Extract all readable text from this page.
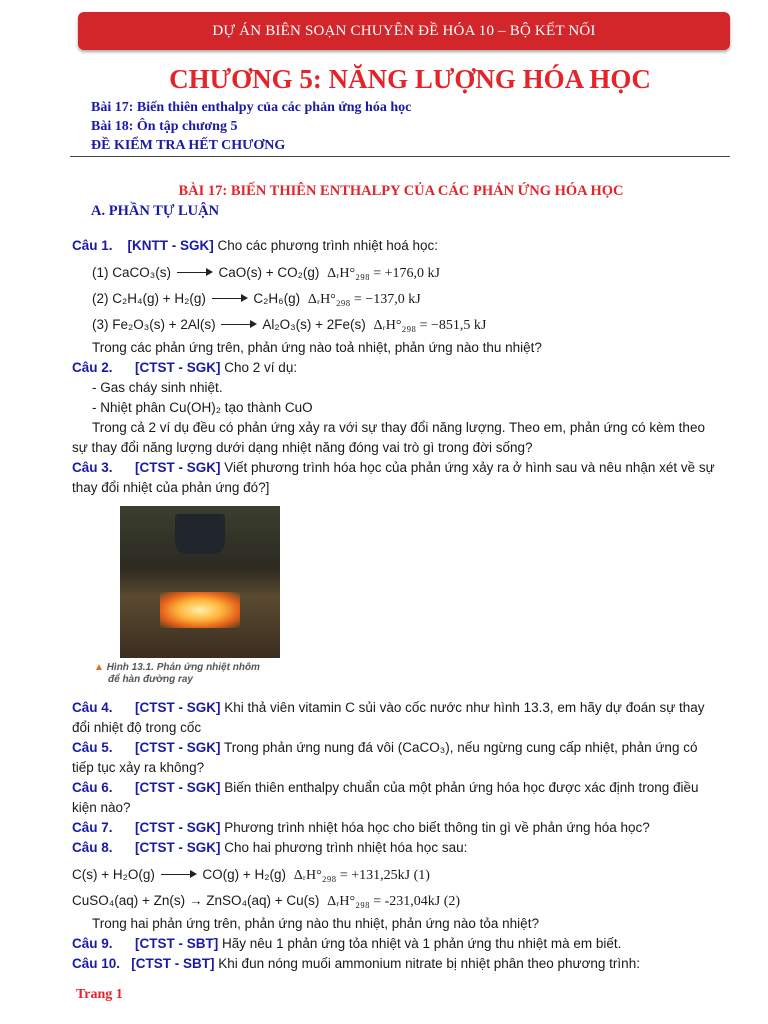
DỰ ÁN BIÊN SOẠN CHUYÊN ĐỀ HÓA 10 – BỘ KẾT NỐI
CHƯƠNG 5: NĂNG LƯỢNG HÓA HỌC
Bài 17: Biến thiên enthalpy của các phản ứng hóa học
Bài 18: Ôn tập chương 5
ĐỀ KIỂM TRA HẾT CHƯƠNG
BÀI 17: BIẾN THIÊN ENTHALPY CỦA CÁC PHẢN ỨNG HÓA HỌC
A. PHẦN TỰ LUẬN
Câu 1. [KNTT - SGK] Cho các phương trình nhiệt hoá học:
(1) CaCO₃(s)	CaO(s) + CO₂(g) ΔᵣH°₂₉₈ = +176,0 kJ
(2) C₂H₄(g) + H₂(g)	C₂H₆(g) ΔᵣH°₂₉₈ = −137,0 kJ
(3) Fe₂O₃(s) + 2Al(s)	Al₂O₃(s) + 2Fe(s) ΔᵣH°₂₉₈ = −851,5 kJ
Trong các phản ứng trên, phản ứng nào toả nhiệt, phản ứng nào thu nhiệt?
Câu 2. [CTST - SGK] Cho 2 ví dụ:
- Gas cháy sinh nhiệt.
- Nhiệt phân Cu(OH)₂ tạo thành CuO
Trong cả 2 ví dụ đều có phản ứng xảy ra với sự thay đổi năng lượng. Theo em, phản ứng có kèm theo
sự thay đổi năng lượng dưới dạng nhiệt năng đóng vai trò gì trong đời sống?
Câu 3. [CTST - SGK] Viết phương trình hóa học của phản ứng xảy ra ở hình sau và nêu nhận xét về sự
thay đổi nhiệt của phản ứng đó?]
▲ Hình 13.1. Phản ứng nhiệt nhôm
để hàn đường ray
Câu 4. [CTST - SGK] Khi thả viên vitamin C sủi vào cốc nước như hình 13.3, em hãy dự đoán sự thay
đổi nhiệt độ trong cốc
Câu 5. [CTST - SGK] Trong phản ứng nung đá vôi (CaCO₃), nếu ngừng cung cấp nhiệt, phản ứng có
tiếp tục xảy ra không?
Câu 6. [CTST - SGK] Biến thiên enthalpy chuẩn của một phản ứng hóa học được xác định trong điều
kiện nào?
Câu 7. [CTST - SGK] Phương trình nhiệt hóa học cho biết thông tin gì về phản ứng hóa học?
Câu 8. [CTST - SGK] Cho hai phương trình nhiệt hóa học sau:
C(s) + H₂O(g)	CO(g) + H₂(g) ΔᵣH°₂₉₈ = +131,25kJ (1)
CuSO₄(aq) + Zn(s) → ZnSO₄(aq) + Cu(s) ΔᵣH°₂₉₈ = -231,04kJ (2)
Trong hai phản ứng trên, phản ứng nào thu nhiệt, phản ứng nào tỏa nhiệt?
Câu 9. [CTST - SBT] Hãy nêu 1 phản ứng tỏa nhiệt và 1 phản ứng thu nhiệt mà em biết.
Câu 10. [CTST - SBT] Khi đun nóng muối ammonium nitrate bị nhiệt phân theo phương trình:
Trang 1
